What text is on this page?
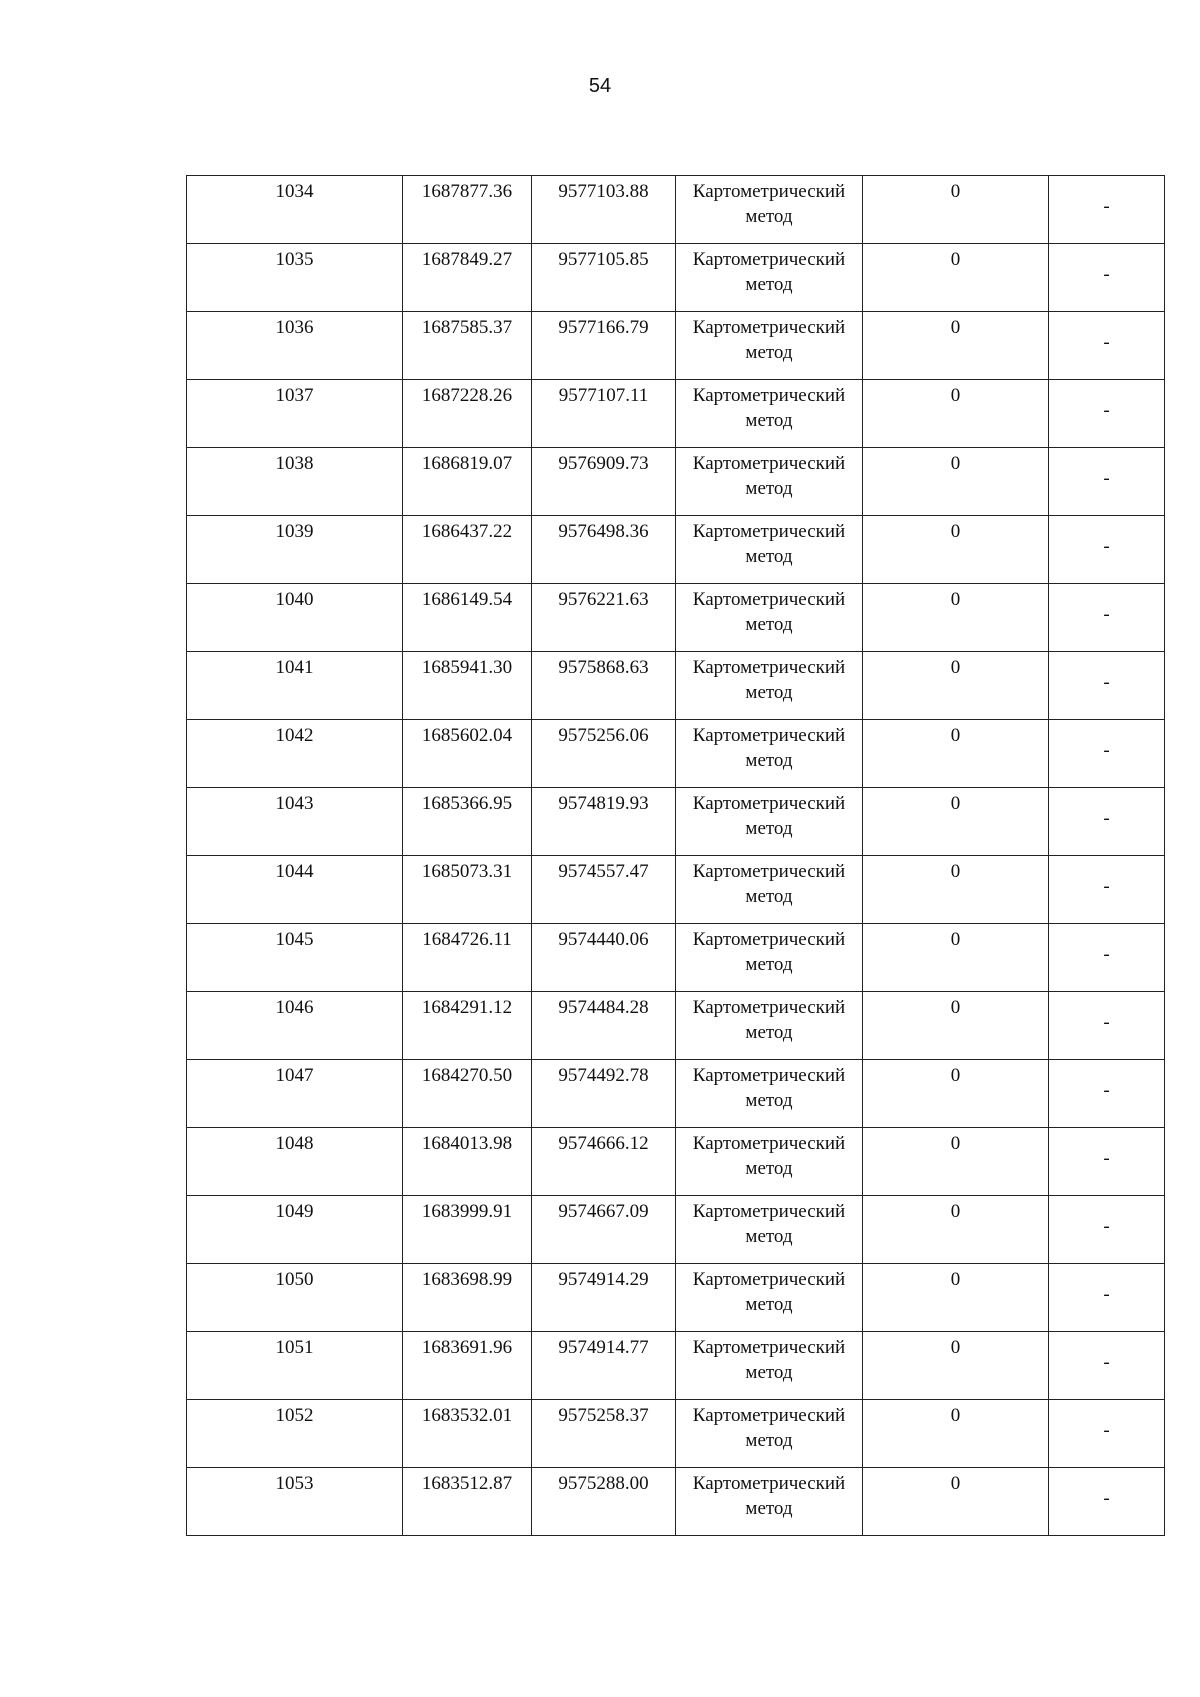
54
1034	1687877.36	9577103.88	Картометрический метод	0	-

1035	1687849.27	9577105.85	Картометрический метод	0	-

1036	1687585.37	9577166.79	Картометрический метод	0	-

1037	1687228.26	9577107.11	Картометрический метод	0	-

1038	1686819.07	9576909.73	Картометрический метод	0	-

1039	1686437.22	9576498.36	Картометрический метод	0	-

1040	1686149.54	9576221.63	Картометрический метод	0	-

1041	1685941.30	9575868.63	Картометрический метод	0	-

1042	1685602.04	9575256.06	Картометрический метод	0	-

1043	1685366.95	9574819.93	Картометрический метод	0	-

1044	1685073.31	9574557.47	Картометрический метод	0	-

1045	1684726.11	9574440.06	Картометрический метод	0	-

1046	1684291.12	9574484.28	Картометрический метод	0	-

1047	1684270.50	9574492.78	Картометрический метод	0	-

1048	1684013.98	9574666.12	Картометрический метод	0	-

1049	1683999.91	9574667.09	Картометрический метод	0	-

1050	1683698.99	9574914.29	Картометрический метод	0	-

1051	1683691.96	9574914.77	Картометрический метод	0	-

1052	1683532.01	9575258.37	Картометрический метод	0	-

1053	1683512.87	9575288.00	Картометрический метод	0	-
